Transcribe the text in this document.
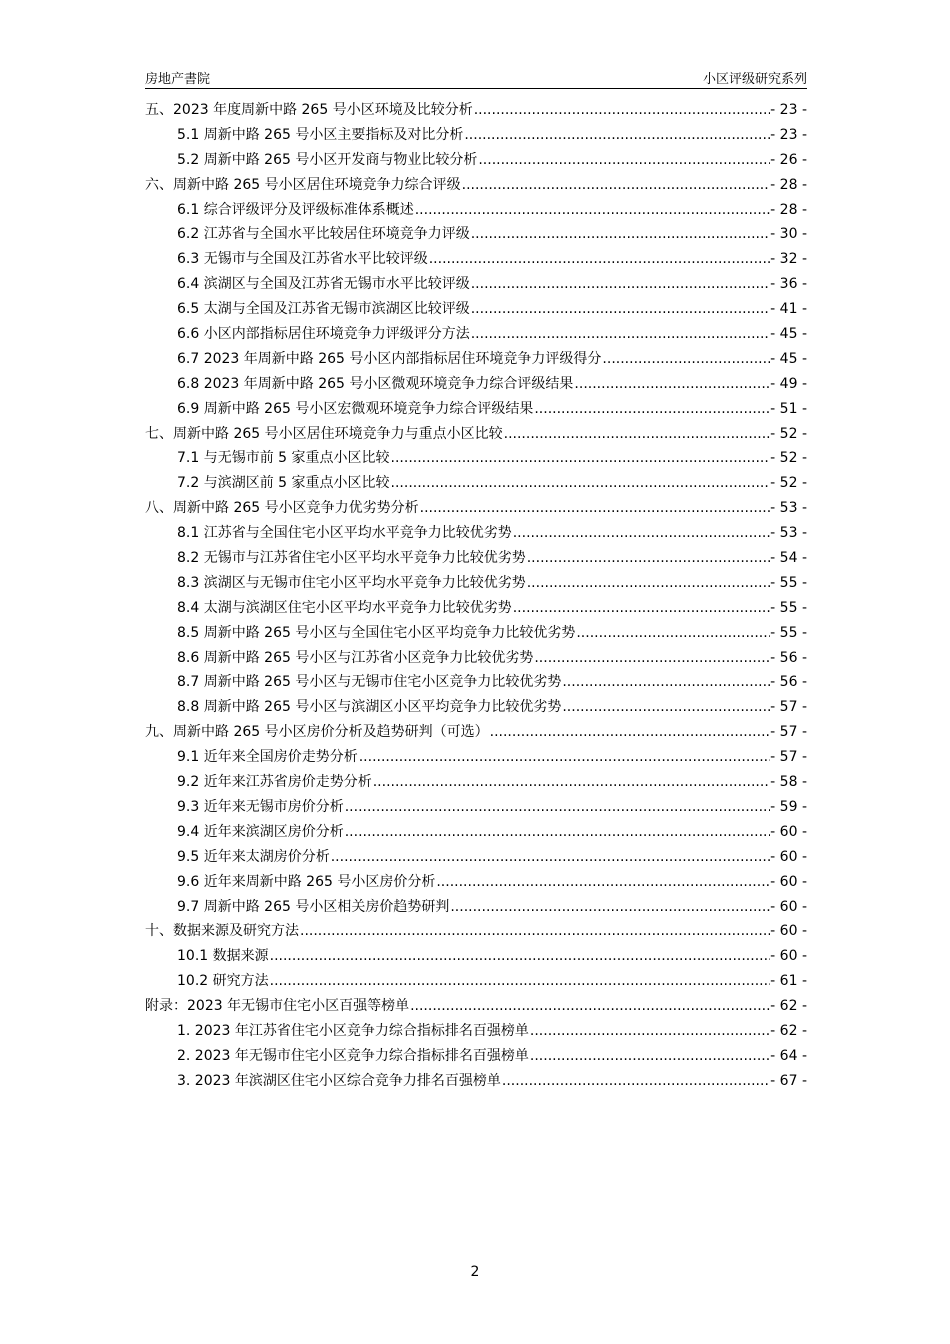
房地产書院	小区评级研究系列
五、2023 年度周新中路 265 号小区环境及比较分析 .....	- 23 -
5.1 周新中路 265 号小区主要指标及对比分析 .....	- 23 -
5.2 周新中路 265 号小区开发商与物业比较分析 .....	- 26 -
六、周新中路 265 号小区居住环境竞争力综合评级 .....	- 28 -
6.1 综合评级评分及评级标准体系概述 .....	- 28 -
6.2 江苏省与全国水平比较居住环境竞争力评级 .....	- 30 -
6.3 无锡市与全国及江苏省水平比较评级 .....	- 32 -
6.4 滨湖区与全国及江苏省无锡市水平比较评级 .....	- 36 -
6.5 太湖与全国及江苏省无锡市滨湖区比较评级 .....	- 41 -
6.6 小区内部指标居住环境竞争力评级评分方法 .....	- 45 -
6.7 2023 年周新中路 265 号小区内部指标居住环境竞争力评级得分 .....	- 45 -
6.8 2023 年周新中路 265 号小区微观环境竞争力综合评级结果 .....	- 49 -
6.9 周新中路 265 号小区宏微观环境竞争力综合评级结果 .....	- 51 -
七、周新中路 265 号小区居住环境竞争力与重点小区比较 .....	- 52 -
7.1 与无锡市前 5 家重点小区比较 .....	- 52 -
7.2 与滨湖区前 5 家重点小区比较 .....	- 52 -
八、周新中路 265 号小区竞争力优劣势分析 .....	- 53 -
8.1 江苏省与全国住宅小区平均水平竞争力比较优劣势 .....	- 53 -
8.2 无锡市与江苏省住宅小区平均水平竞争力比较优劣势 .....	- 54 -
8.3 滨湖区与无锡市住宅小区平均水平竞争力比较优劣势 .....	- 55 -
8.4 太湖与滨湖区住宅小区平均水平竞争力比较优劣势 .....	- 55 -
8.5 周新中路 265 号小区与全国住宅小区平均竞争力比较优劣势 .....	- 55 -
8.6 周新中路 265 号小区与江苏省小区竞争力比较优劣势 .....	- 56 -
8.7 周新中路 265 号小区与无锡市住宅小区竞争力比较优劣势 .....	- 56 -
8.8 周新中路 265 号小区与滨湖区小区平均竞争力比较优劣势 .....	- 57 -
九、周新中路 265 号小区房价分析及趋势研判（可选） .....	- 57 -
9.1 近年来全国房价走势分析 .....	- 57 -
9.2 近年来江苏省房价走势分析 .....	- 58 -
9.3 近年来无锡市房价分析 .....	- 59 -
9.4 近年来滨湖区房价分析 .....	- 60 -
9.5 近年来太湖房价分析 .....	- 60 -
9.6 近年来周新中路 265 号小区房价分析 .....	- 60 -
9.7 周新中路 265 号小区相关房价趋势研判 .....	- 60 -
十、数据来源及研究方法 .....	- 60 -
10.1 数据来源 .....	- 60 -
10.2 研究方法 .....	- 61 -
附录：2023 年无锡市住宅小区百强等榜单 .....	- 62 -
1. 2023 年江苏省住宅小区竞争力综合指标排名百强榜单 .....	- 62 -
2. 2023 年无锡市住宅小区竞争力综合指标排名百强榜单 .....	- 64 -
3. 2023 年滨湖区住宅小区综合竞争力排名百强榜单 .....	- 67 -
2
